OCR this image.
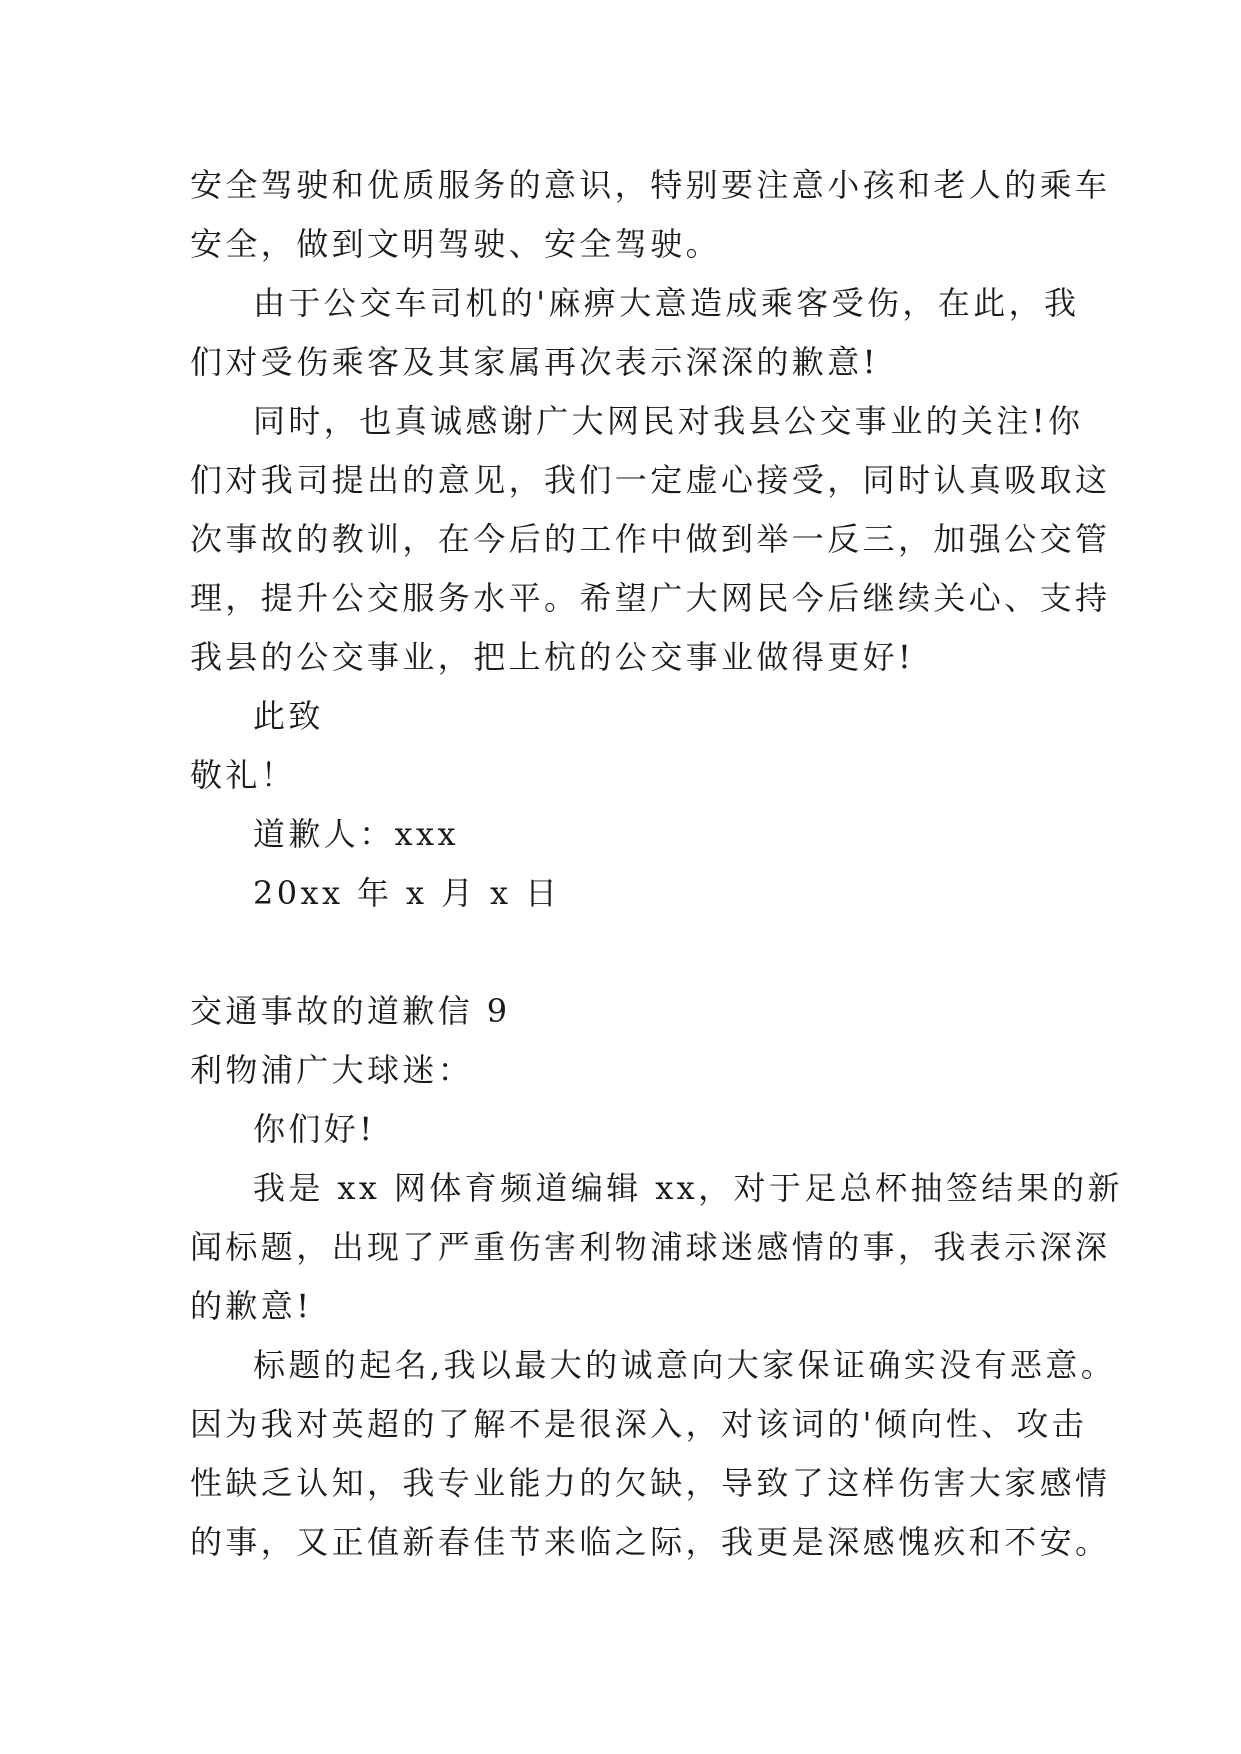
安全驾驶和优质服务的意识，特别要注意小孩和老人的乘车
安全，做到文明驾驶、安全驾驶。
由于公交车司机的'麻痹大意造成乘客受伤，在此，我
们对受伤乘客及其家属再次表示深深的歉意!
同时，也真诚感谢广大网民对我县公交事业的关注!你
们对我司提出的意见，我们一定虚心接受，同时认真吸取这
次事故的教训，在今后的工作中做到举一反三，加强公交管
理，提升公交服务水平。希望广大网民今后继续关心、支持
我县的公交事业，把上杭的公交事业做得更好!
此致
敬礼！
道歉人：xxx
20xx 年 x 月 x 日
交通事故的道歉信 9
利物浦广大球迷：
你们好!
我是 xx 网体育频道编辑 xx，对于足总杯抽签结果的新
闻标题，出现了严重伤害利物浦球迷感情的事，我表示深深
的歉意!
标题的起名,我以最大的诚意向大家保证确实没有恶意。
因为我对英超的了解不是很深入，对该词的'倾向性、攻击
性缺乏认知，我专业能力的欠缺，导致了这样伤害大家感情
的事，又正值新春佳节来临之际，我更是深感愧疚和不安。
